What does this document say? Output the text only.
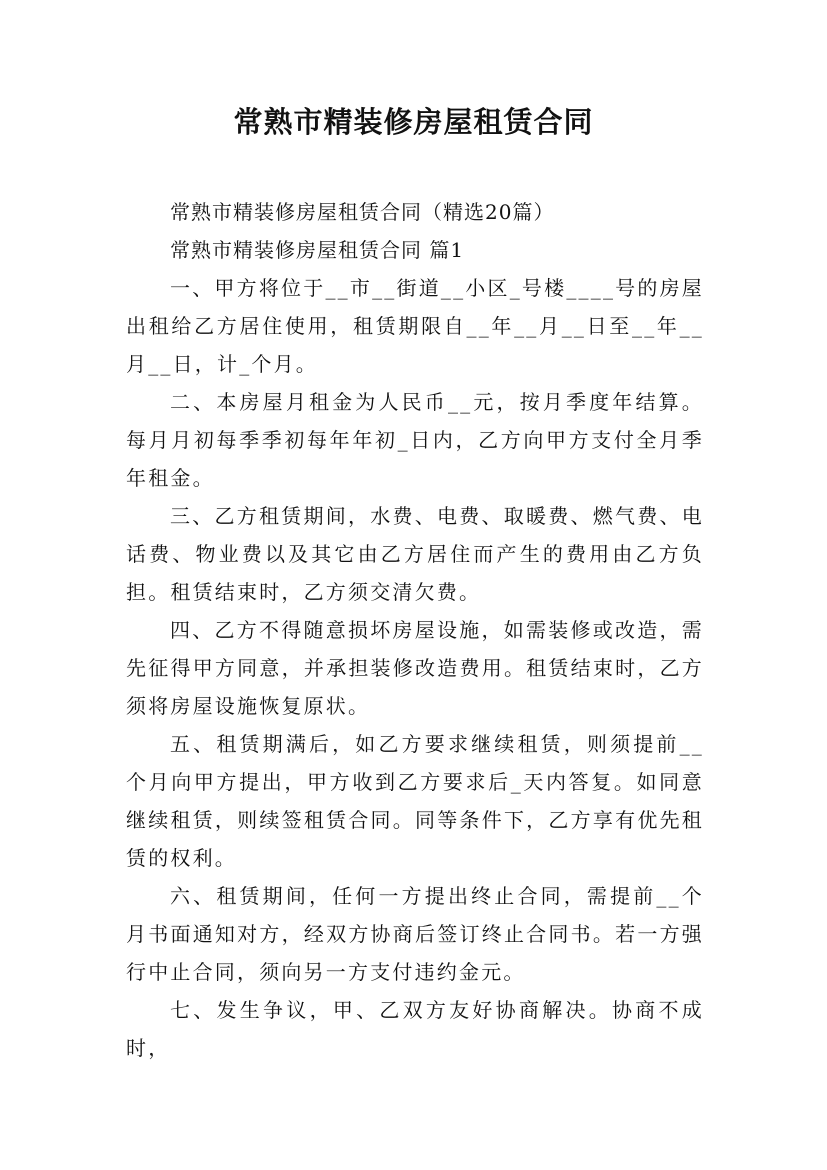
常熟市精装修房屋租赁合同

常熟市精装修房屋租赁合同（精选20篇）

常熟市精装修房屋租赁合同 篇1

一、甲方将位于__市__街道__小区_号楼____号的房屋出租给乙方居住使用，租赁期限自__年__月__日至__年__月__日，计_个月。

二、本房屋月租金为人民币__元，按月季度年结算。每月月初每季季初每年年初_日内，乙方向甲方支付全月季年租金。

三、乙方租赁期间，水费、电费、取暖费、燃气费、电话费、物业费以及其它由乙方居住而产生的费用由乙方负担。租赁结束时，乙方须交清欠费。

四、乙方不得随意损坏房屋设施，如需装修或改造，需先征得甲方同意，并承担装修改造费用。租赁结束时，乙方须将房屋设施恢复原状。

五、租赁期满后，如乙方要求继续租赁，则须提前__个月向甲方提出，甲方收到乙方要求后_天内答复。如同意继续租赁，则续签租赁合同。同等条件下，乙方享有优先租赁的权利。

六、租赁期间，任何一方提出终止合同，需提前__个月书面通知对方，经双方协商后签订终止合同书。若一方强行中止合同，须向另一方支付违约金元。

七、发生争议，甲、乙双方友好协商解决。协商不成时，
